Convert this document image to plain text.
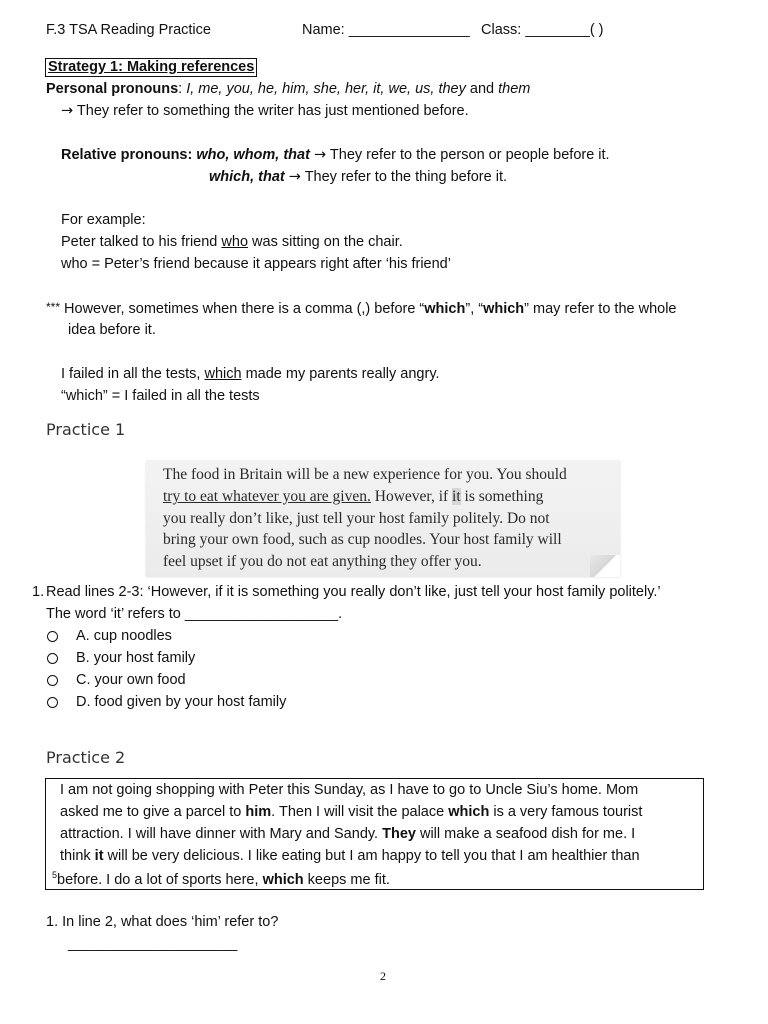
F.3 TSA Reading Practice	Name: _______________ Class: ________( )
Strategy 1: Making references
Personal pronouns: I, me, you, he, him, she, her, it, we, us, they and them
→ They refer to something the writer has just mentioned before.
Relative pronouns: who, whom, that → They refer to the person or people before it.
which, that → They refer to the thing before it.
For example:
Peter talked to his friend who was sitting on the chair.
who = Peter’s friend because it appears right after ‘his friend’
*** However, sometimes when there is a comma (,) before “which”, “which” may refer to the whole
idea before it.
I failed in all the tests, which made my parents really angry.
“which” = I failed in all the tests
Practice 1
The food in Britain will be a new experience for you. You should
try to eat whatever you are given. However, if it is something
you really don’t like, just tell your host family politely. Do not
bring your own food, such as cup noodles. Your host family will
feel upset if you do not eat anything they offer you.
1. Read lines 2-3: ‘However, if it is something you really don’t like, just tell your host family politely.’
The word ‘it’ refers to ___________________.
A. cup noodles
B. your host family
C. your own food
D. food given by your host family
Practice 2
I am not going shopping with Peter this Sunday, as I have to go to Uncle Siu’s home. Mom
asked me to give a parcel to him. Then I will visit the palace which is a very famous tourist
attraction. I will have dinner with Mary and Sandy. They will make a seafood dish for me. I
think it will be very delicious. I like eating but I am happy to tell you that I am healthier than
$^5$before. I do a lot of sports here, which keeps me fit.
1. In line 2, what does ‘him’ refer to?
_____________________
2
